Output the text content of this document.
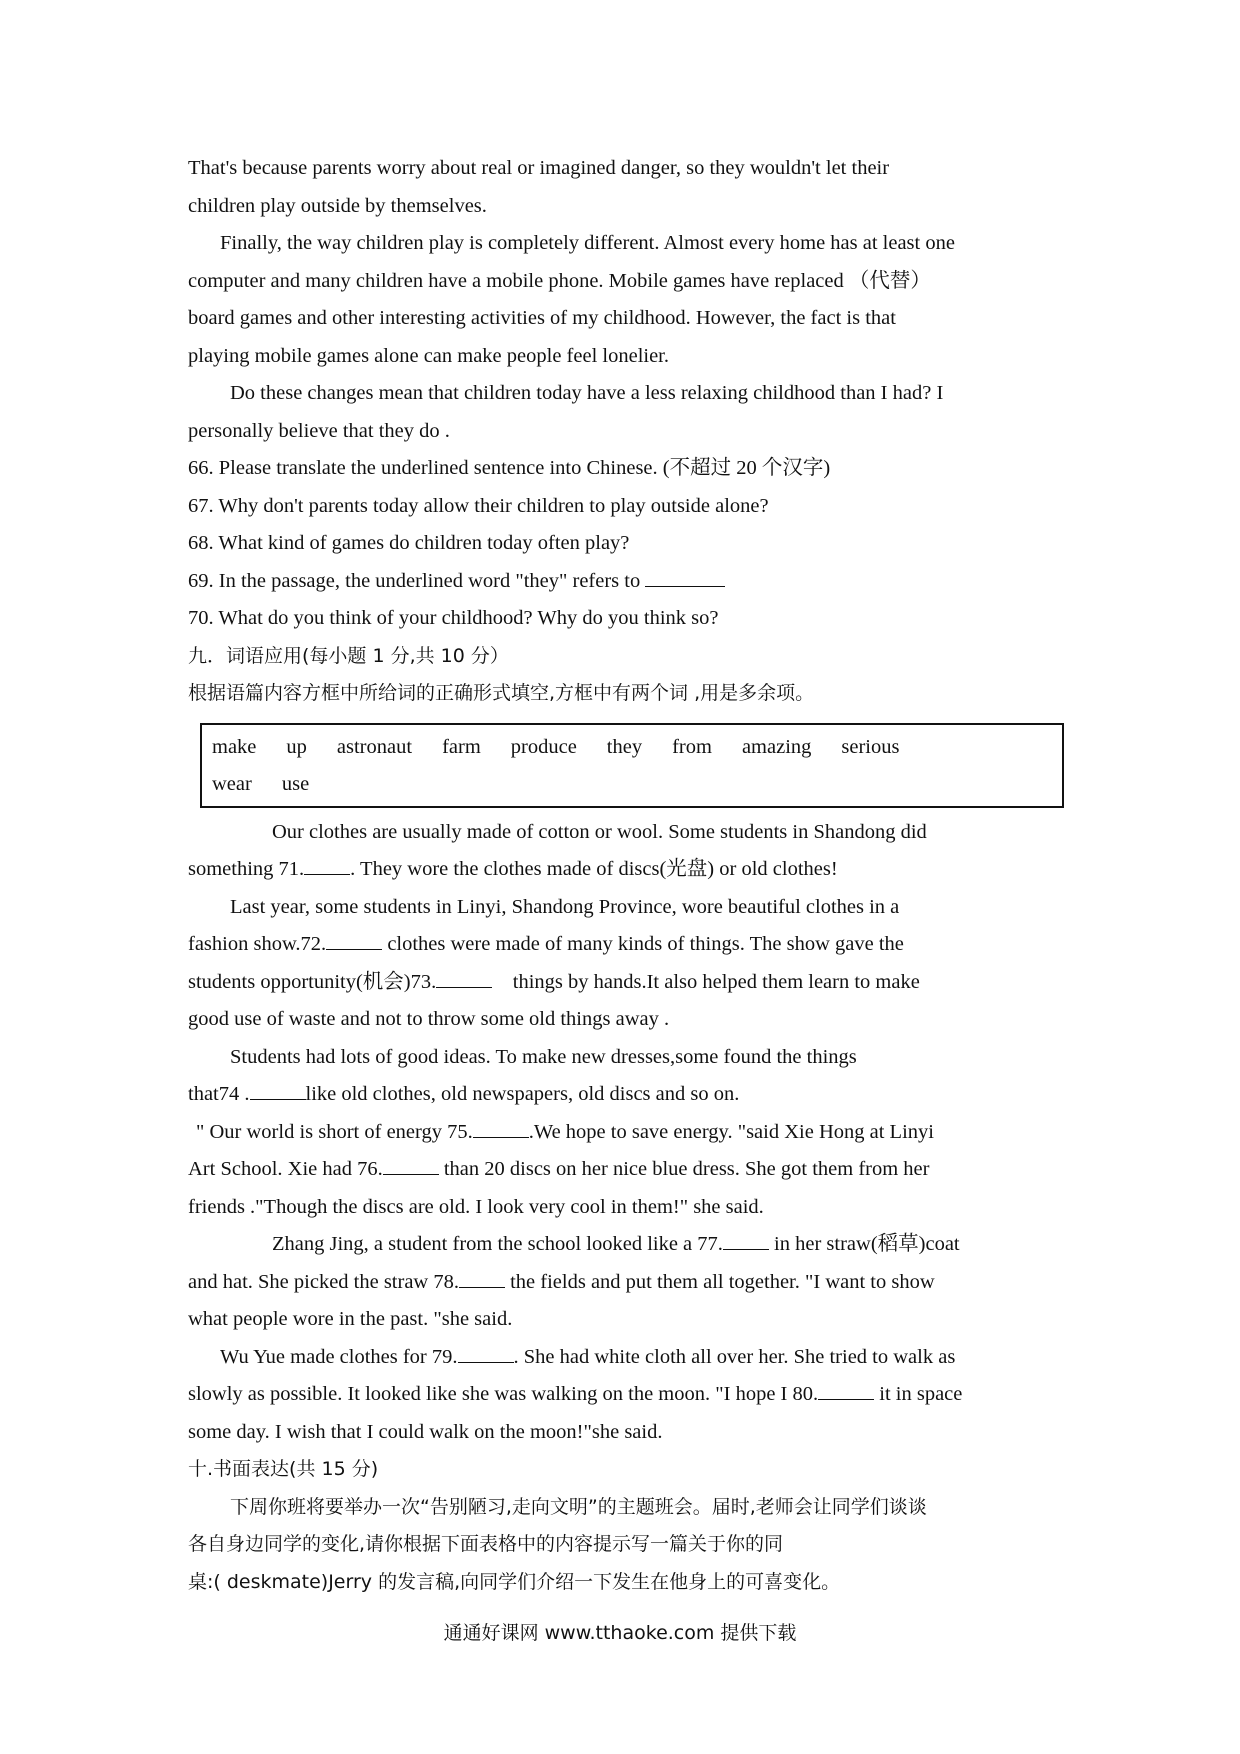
That's because parents worry about real or imagined danger, so they wouldn't let their
children play outside by themselves.
Finally, the way children play is completely different. Almost every home has at least one
computer and many children have a mobile phone. Mobile games have replaced （代替）
board games and other interesting activities of my childhood. However, the fact is that
playing mobile games alone can make people feel lonelier.
Do these changes mean that children today have a less relaxing childhood than I had? I
personally believe that they do .
66. Please translate the underlined sentence into Chinese. (不超过 20 个汉字)
67. Why don't parents today allow their children to play outside alone?
68. What kind of games do children today often play?
69. In the passage, the underlined word "they" refers to
70. What do you think of your childhood? Why do you think so?
九．词语应用(每小题 1 分,共 10 分）
根据语篇内容方框中所给词的正确形式填空,方框中有两个词 ,用是多余项。
make up astronaut farm produce they from amazing serious
wear use
Our clothes are usually made of cotton or wool. Some students in Shandong did
something 71. . They wore the clothes made of discs(光盘) or old clothes!
Last year, some students in Linyi, Shandong Province, wore beautiful clothes in a
fashion show.72.	clothes were made of many kinds of things. The show gave the
students opportunity(机会)73.	things by hands.It also helped them learn to make
good use of waste and not to throw some old things away .
Students had lots of good ideas. To make new dresses,some found the things
that74 .	like old clothes, old newspapers, old discs and so on.
" Our world is short of energy 75.	.We hope to save energy. "said Xie Hong at Linyi
Art School. Xie had 76.	than 20 discs on her nice blue dress. She got them from her
friends ."Though the discs are old. I look very cool in them!" she said.
Zhang Jing, a student from the school looked like a 77. in her straw(稻草)coat
and hat. She picked the straw 78. the fields and put them all together. "I want to show
what people wore in the past. "she said.
Wu Yue made clothes for 79.	. She had white cloth all over her. She tried to walk as
slowly as possible. It looked like she was walking on the moon. "I hope I 80.	it in space
some day. I wish that I could walk on the moon!"she said.
十.书面表达(共 15 分)
下周你班将要举办一次“告别陋习,走向文明”的主题班会。届时,老师会让同学们谈谈
各自身边同学的变化,请你根据下面表格中的内容提示写一篇关于你的同
桌:( deskmate)Jerry 的发言稿,向同学们介绍一下发生在他身上的可喜变化。
通通好课网 www.tthaoke.com 提供下载
